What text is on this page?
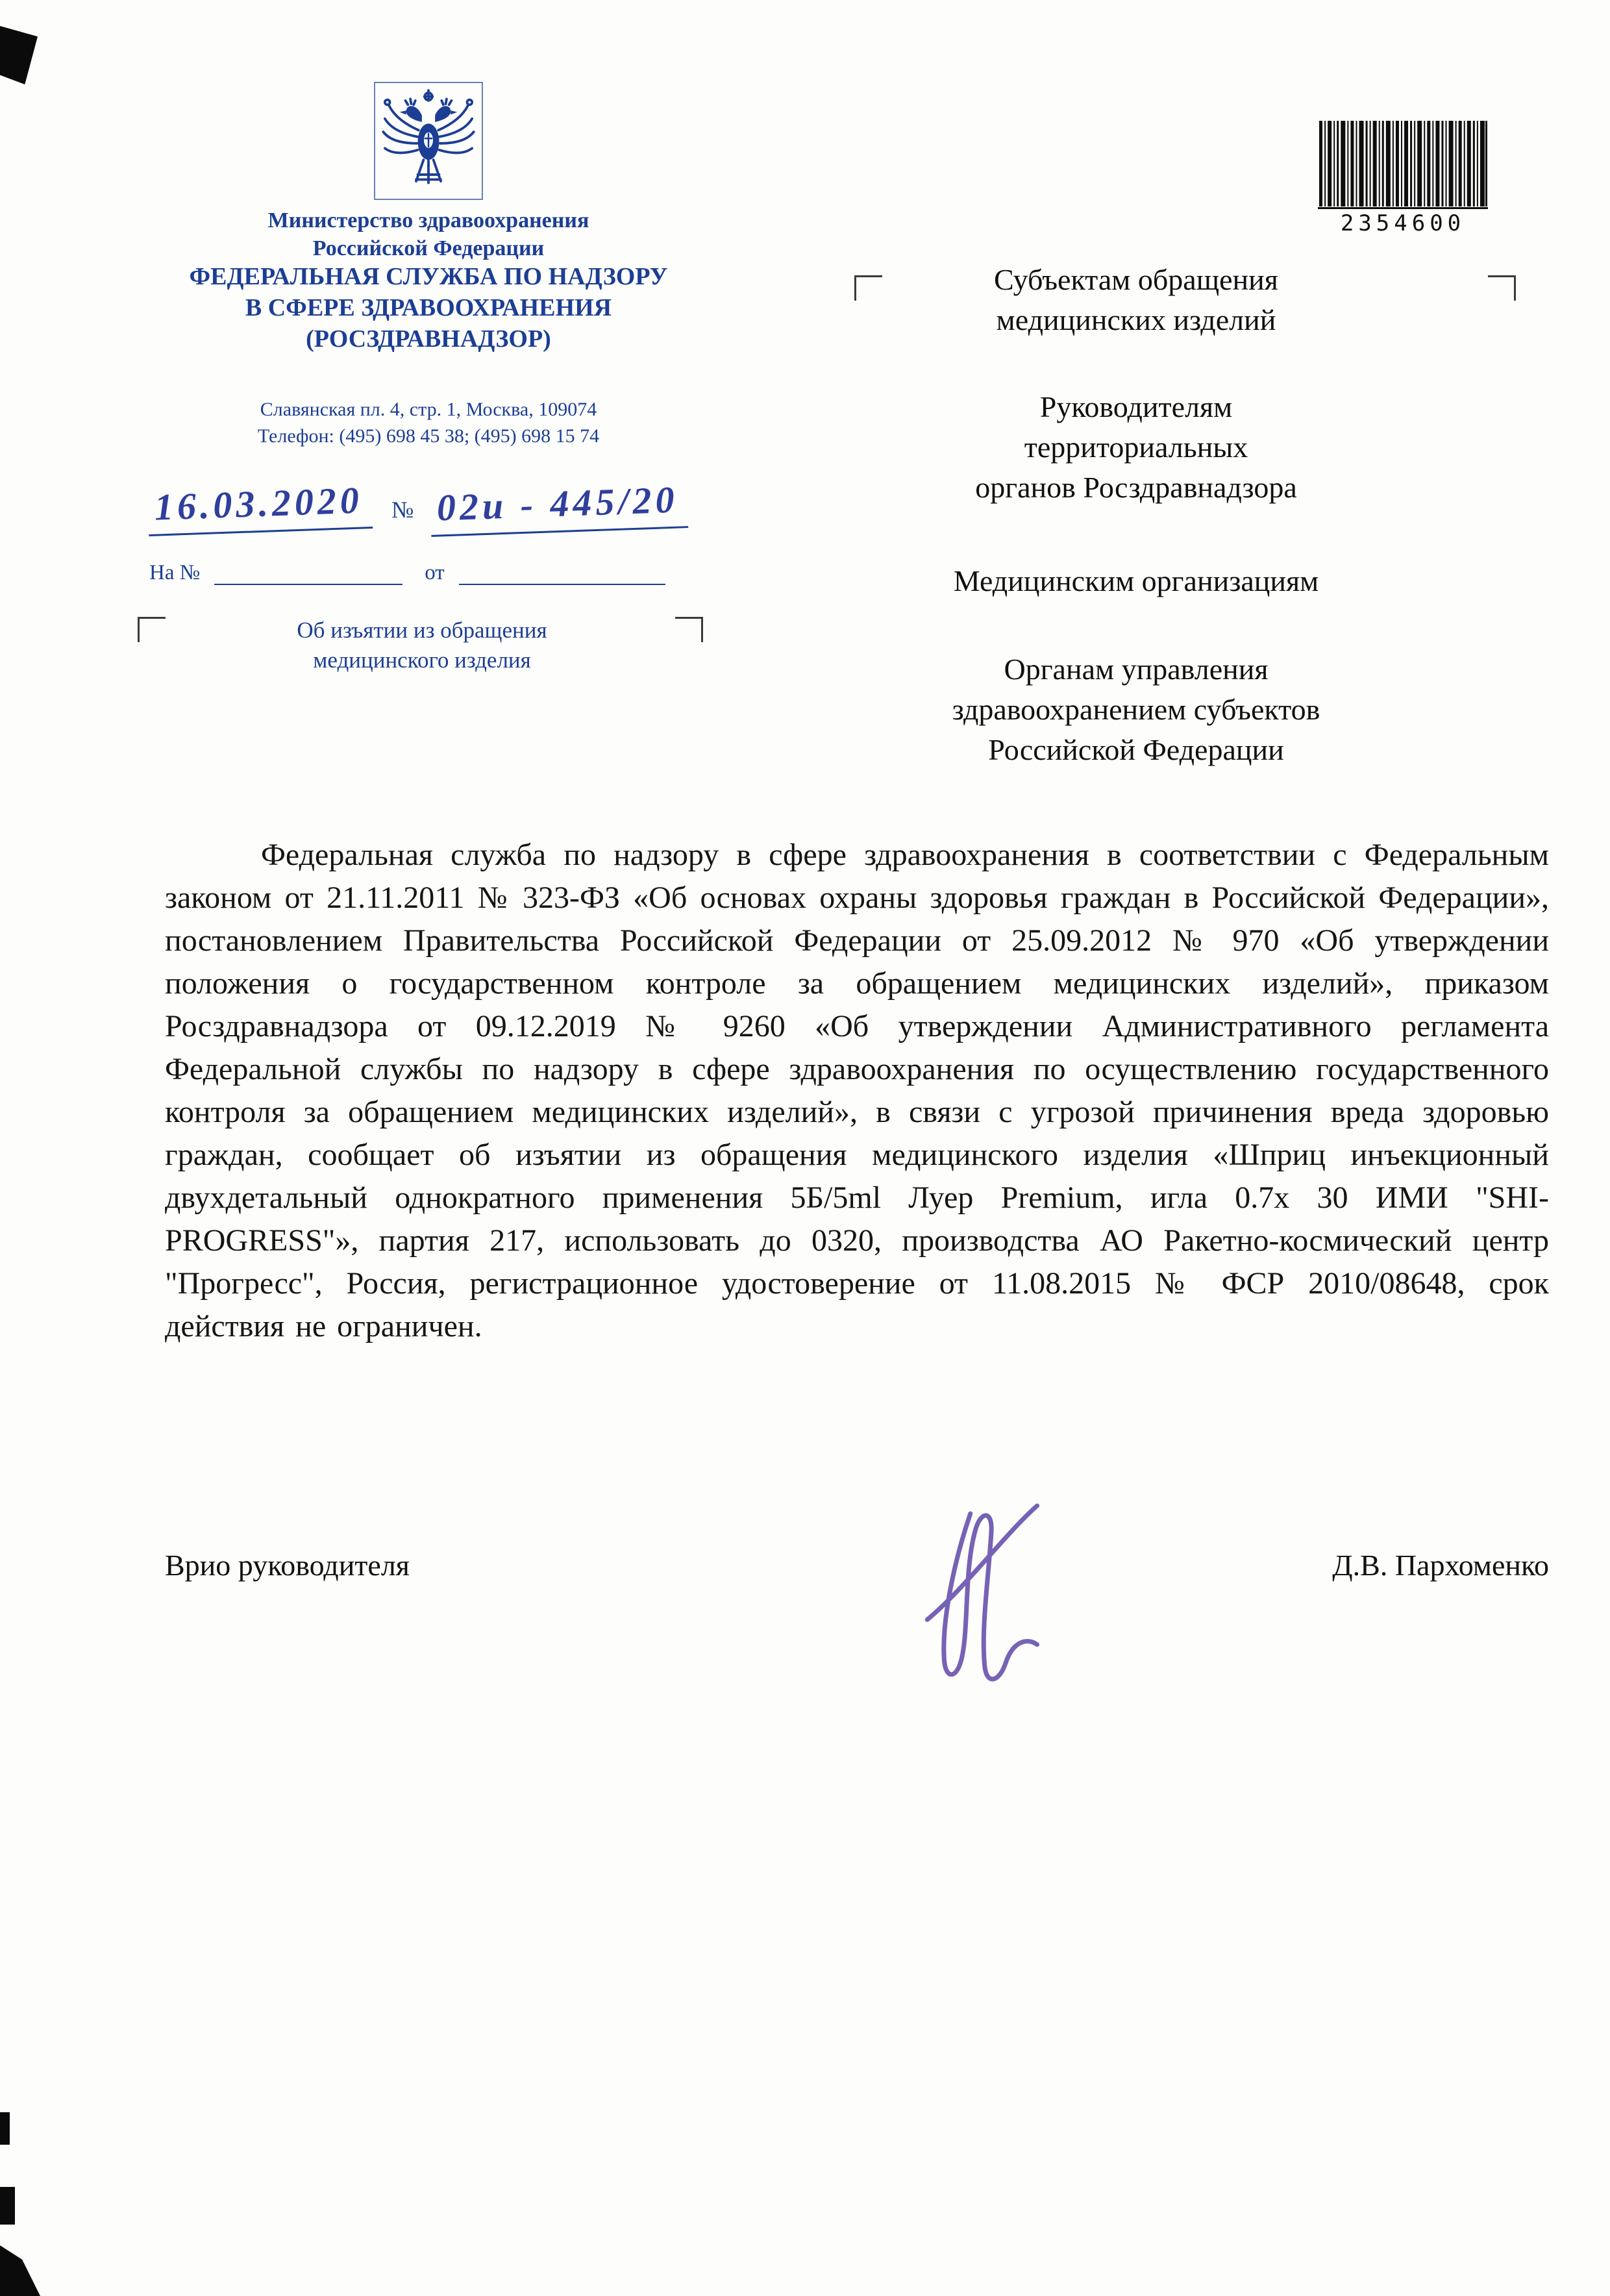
Министерство здравоохранения
Российской Федерации
ФЕДЕРАЛЬНАЯ СЛУЖБА ПО НАДЗОРУ
В СФЕРЕ ЗДРАВООХРАНЕНИЯ
(РОСЗДРАВНАДЗОР)
Славянская пл. 4, стр. 1, Москва, 109074
Телефон: (495) 698 45 38; (495) 698 15 74
2354600
16.03.2020	№ 02и - 445/20
На №	от
Об изъятии из обращения
медицинского изделия
Субъектам обращения
медицинских изделий
Руководителям
территориальных
органов Росздравнадзора
Медицинским организациям
Органам управления
здравоохранением субъектов
Российской Федерации
Федеральная служба по надзору в сфере здравоохранения в соответствии с Федеральным законом от 21.11.2011 № 323-ФЗ «Об основах охраны здоровья граждан в Российской Федерации», постановлением Правительства Российской Федерации от 25.09.2012 № 970 «Об утверждении положения о государственном контроле за обращением медицинских изделий», приказом Росздравнадзора от 09.12.2019 № 9260 «Об утверждении Административного регламента Федеральной службы по надзору в сфере здравоохранения по осуществлению государственного контроля за обращением медицинских изделий», в связи с угрозой причинения вреда здоровью граждан, сообщает об изъятии из обращения медицинского изделия «Шприц инъекционный двухдетальный однократного применения 5Б/5ml Луер Premium, игла 0.7х 30 ИМИ "SHI-PROGRESS"», партия 217, использовать до 0320, производства АО Ракетно-космический центр "Прогресс", Россия, регистрационное удостоверение от 11.08.2015 № ФСР 2010/08648, срок действия не ограничен.
Врио руководителя	Д.В. Пархоменко
